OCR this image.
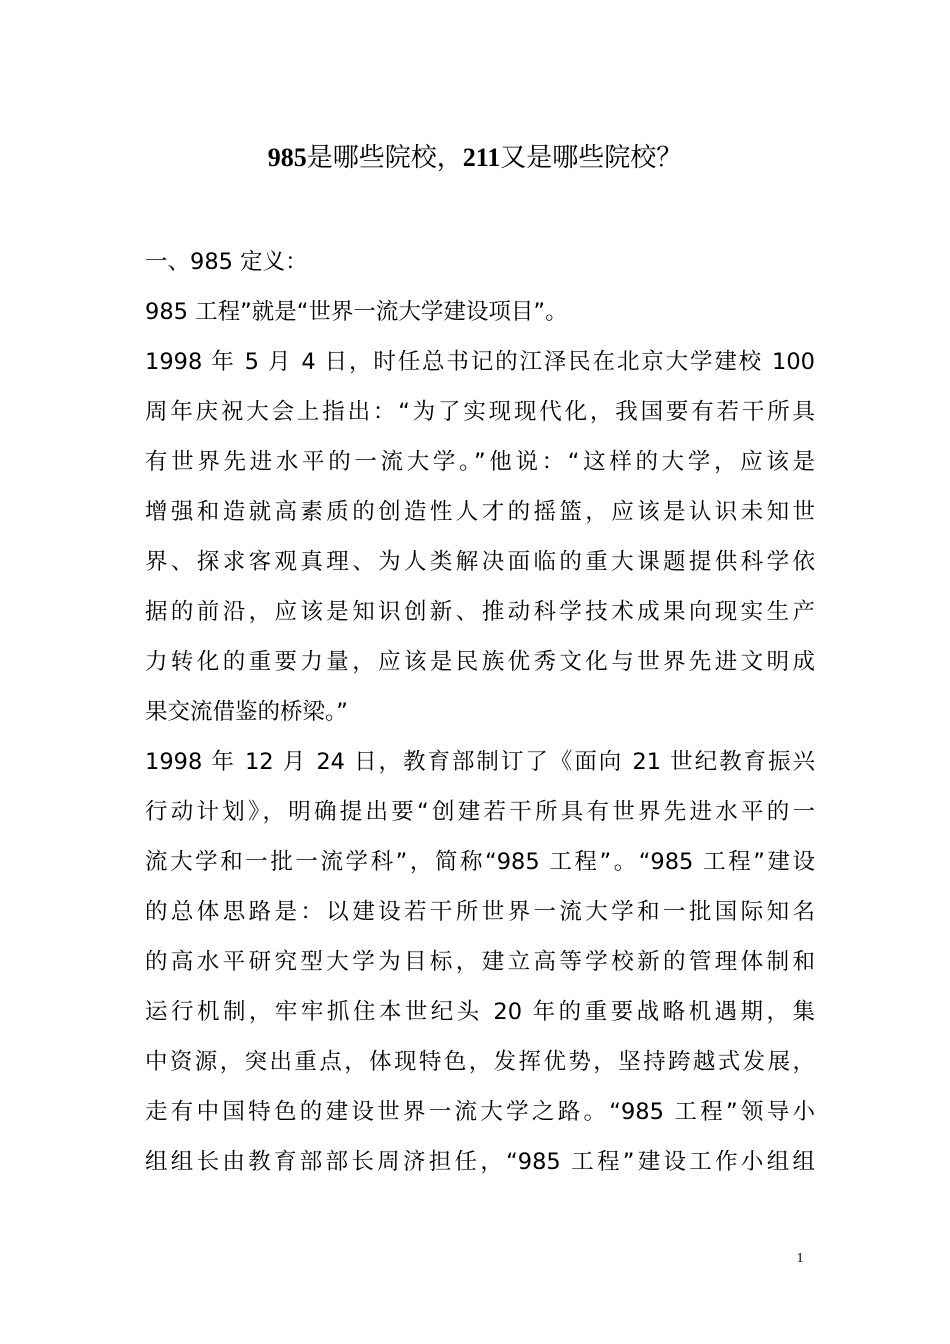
985是哪些院校，211又是哪些院校？
一、985 定义：
985 工程”就是“世界一流大学建设项目”。
1998 年 5 月 4 日，时任总书记的江泽民在北京大学建校 100
周年庆祝大会上指出：“为了实现现代化，我国要有若干所具
有世界先进水平的一流大学。”他说：“这样的大学，应该是
增强和造就高素质的创造性人才的摇篮，应该是认识未知世
界、探求客观真理、为人类解决面临的重大课题提供科学依
据的前沿，应该是知识创新、推动科学技术成果向现实生产
力转化的重要力量，应该是民族优秀文化与世界先进文明成
果交流借鉴的桥梁。”
1998 年 12 月 24 日，教育部制订了《面向 21 世纪教育振兴
行动计划》，明确提出要“创建若干所具有世界先进水平的一
流大学和一批一流学科”，简称“985 工程”。“985 工程”建设
的总体思路是：以建设若干所世界一流大学和一批国际知名
的高水平研究型大学为目标，建立高等学校新的管理体制和
运行机制，牢牢抓住本世纪头 20 年的重要战略机遇期，集
中资源，突出重点，体现特色，发挥优势，坚持跨越式发展，
走有中国特色的建设世界一流大学之路。“985 工程”领导小
组组长由教育部部长周济担任，“985 工程”建设工作小组组
1
